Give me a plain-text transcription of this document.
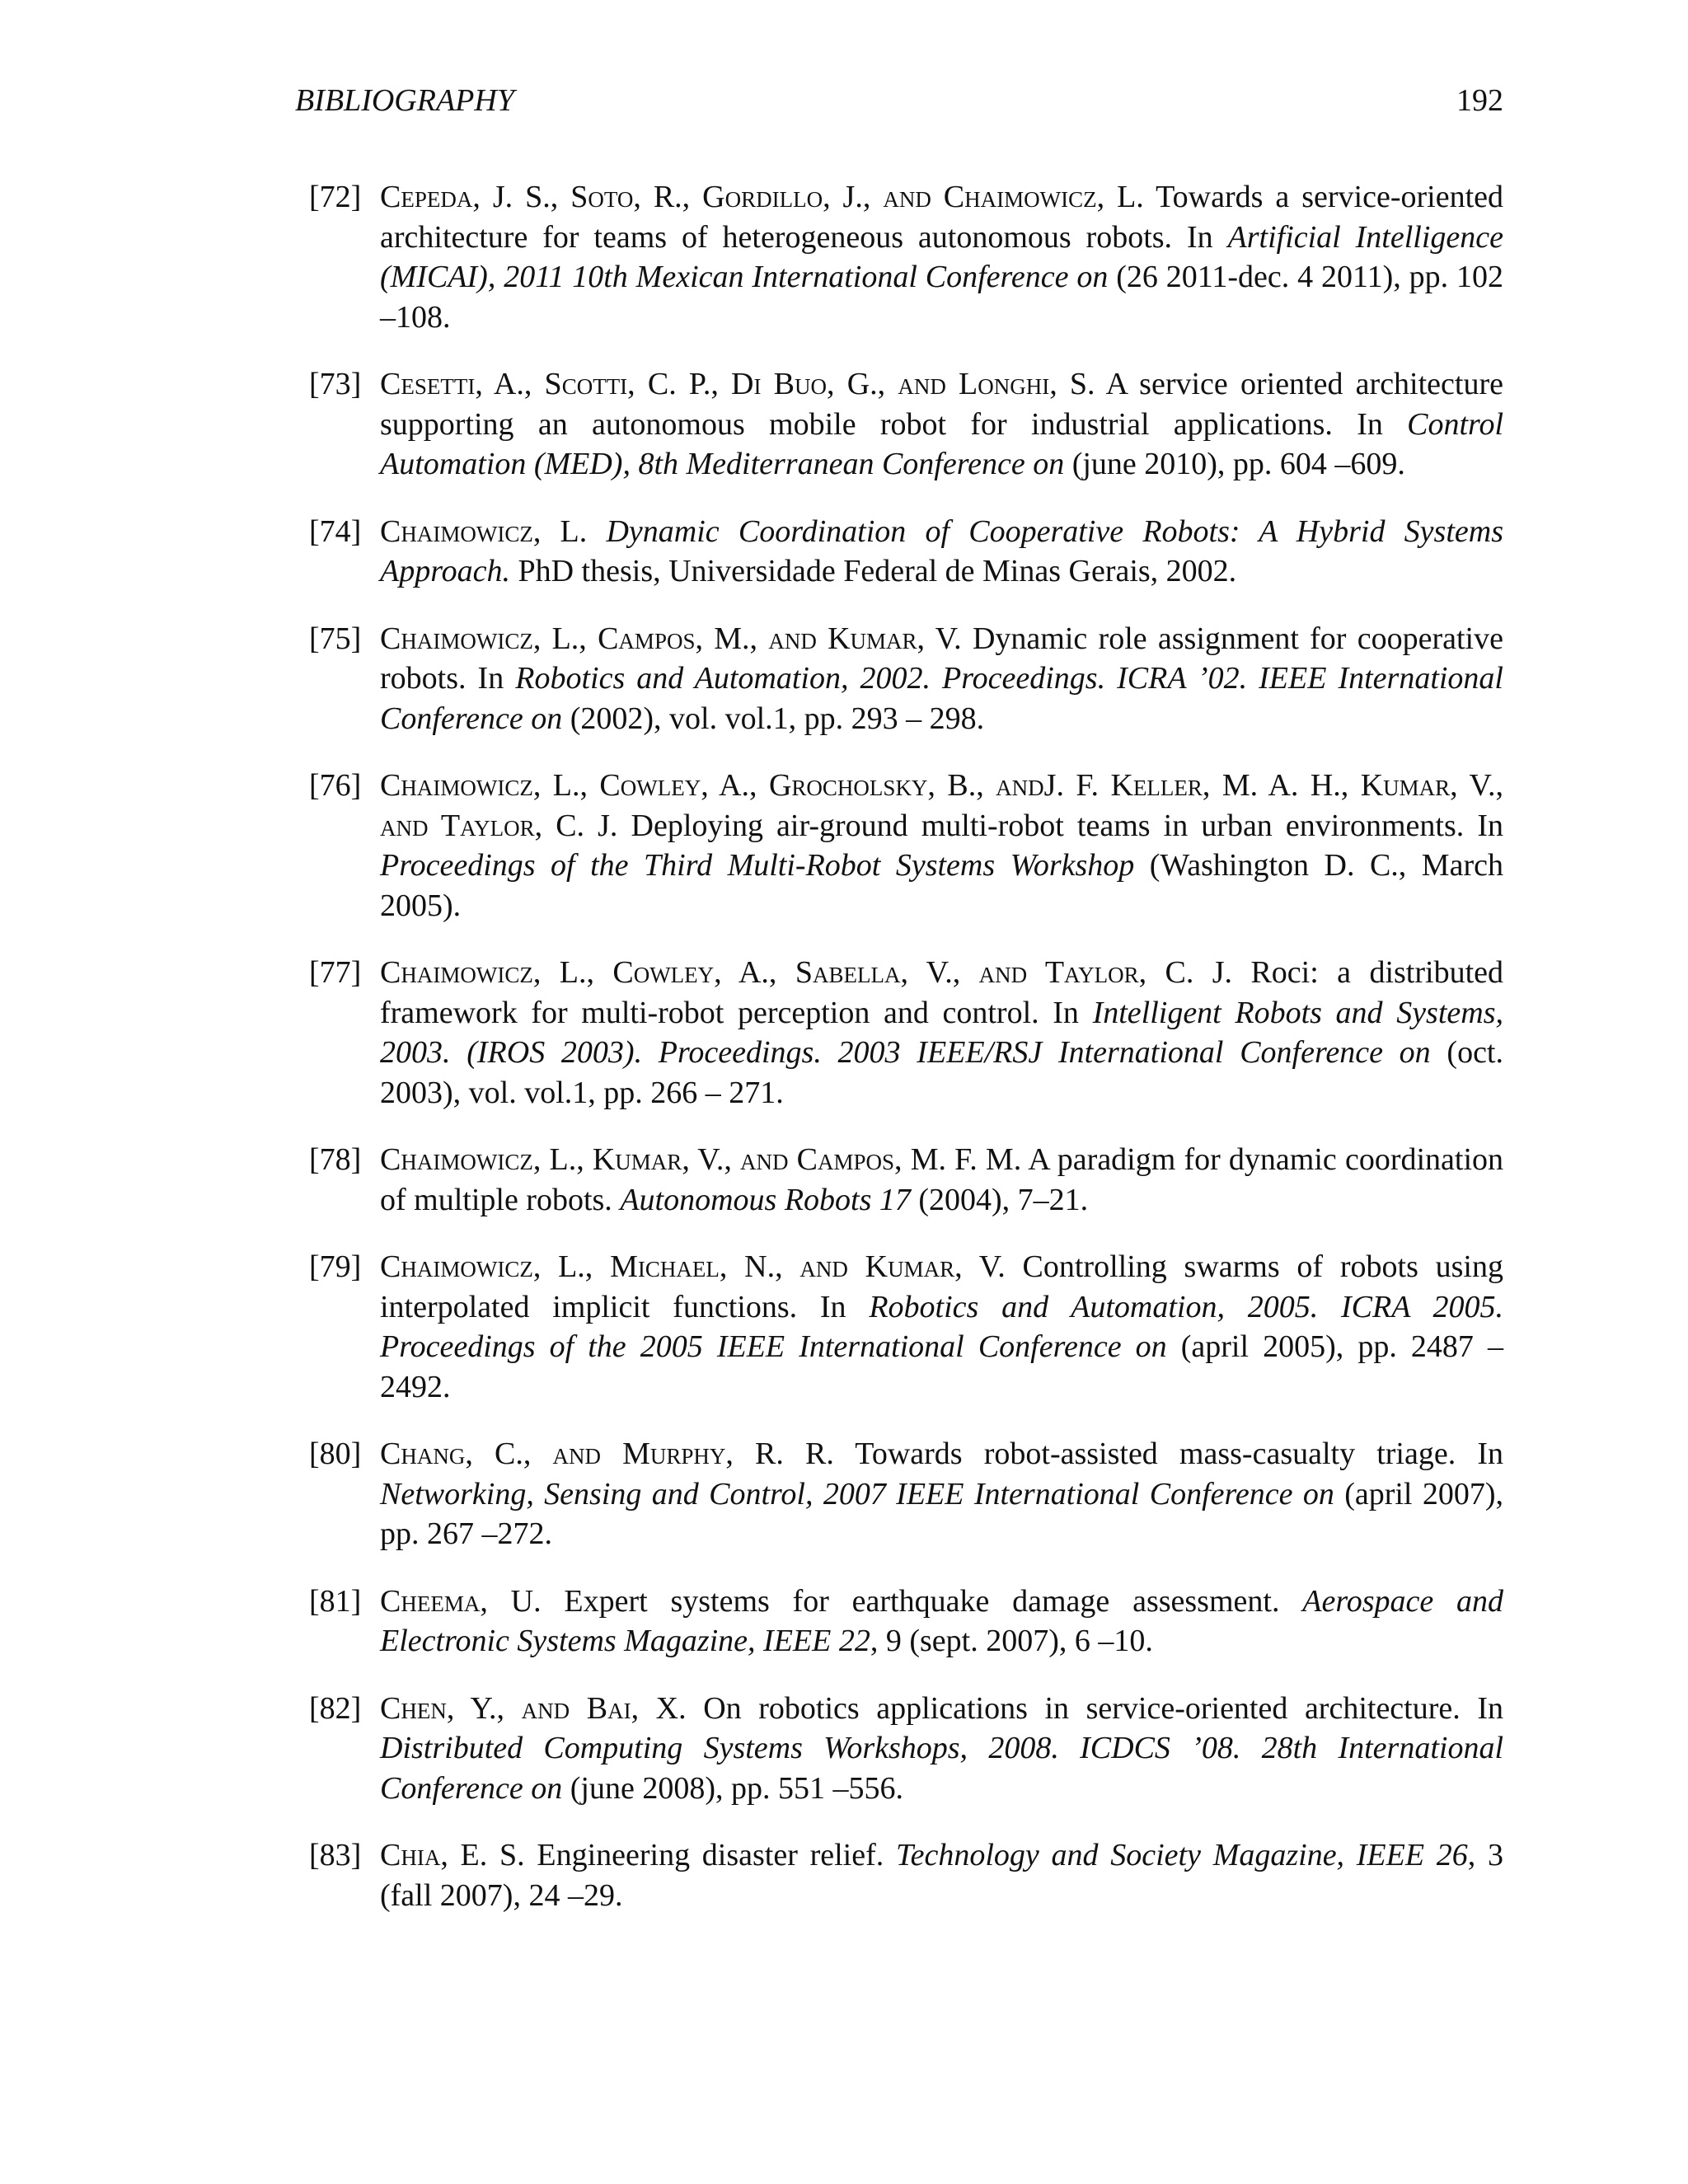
BIBLIOGRAPHY	192
[72] Cepeda, J. S., Soto, R., Gordillo, J., and Chaimowicz, L. Towards a service-oriented architecture for teams of heterogeneous autonomous robots. In Artificial Intelligence (MICAI), 2011 10th Mexican International Conference on (26 2011-dec. 4 2011), pp. 102 –108.
[73] Cesetti, A., Scotti, C. P., Di Buo, G., and Longhi, S. A service oriented architecture supporting an autonomous mobile robot for industrial applications. In Control Automation (MED), 8th Mediterranean Conference on (june 2010), pp. 604 –609.
[74] Chaimowicz, L. Dynamic Coordination of Cooperative Robots: A Hybrid Systems Approach. PhD thesis, Universidade Federal de Minas Gerais, 2002.
[75] Chaimowicz, L., Campos, M., and Kumar, V. Dynamic role assignment for cooperative robots. In Robotics and Automation, 2002. Proceedings. ICRA ’02. IEEE International Conference on (2002), vol. vol.1, pp. 293 – 298.
[76] Chaimowicz, L., Cowley, A., Grocholsky, B., andJ. F. Keller, M. A. H., Kumar, V., and Taylor, C. J. Deploying air-ground multi-robot teams in urban environments. In Proceedings of the Third Multi-Robot Systems Workshop (Washington D. C., March 2005).
[77] Chaimowicz, L., Cowley, A., Sabella, V., and Taylor, C. J. Roci: a distributed framework for multi-robot perception and control. In Intelligent Robots and Systems, 2003. (IROS 2003). Proceedings. 2003 IEEE/RSJ International Conference on (oct. 2003), vol. vol.1, pp. 266 – 271.
[78] Chaimowicz, L., Kumar, V., and Campos, M. F. M. A paradigm for dynamic coordination of multiple robots. Autonomous Robots 17 (2004), 7–21.
[79] Chaimowicz, L., Michael, N., and Kumar, V. Controlling swarms of robots using interpolated implicit functions. In Robotics and Automation, 2005. ICRA 2005. Proceedings of the 2005 IEEE International Conference on (april 2005), pp. 2487 – 2492.
[80] Chang, C., and Murphy, R. R. Towards robot-assisted mass-casualty triage. In Networking, Sensing and Control, 2007 IEEE International Conference on (april 2007), pp. 267 –272.
[81] Cheema, U. Expert systems for earthquake damage assessment. Aerospace and Electronic Systems Magazine, IEEE 22, 9 (sept. 2007), 6 –10.
[82] Chen, Y., and Bai, X. On robotics applications in service-oriented architecture. In Distributed Computing Systems Workshops, 2008. ICDCS ’08. 28th International Conference on (june 2008), pp. 551 –556.
[83] Chia, E. S. Engineering disaster relief. Technology and Society Magazine, IEEE 26, 3 (fall 2007), 24 –29.
